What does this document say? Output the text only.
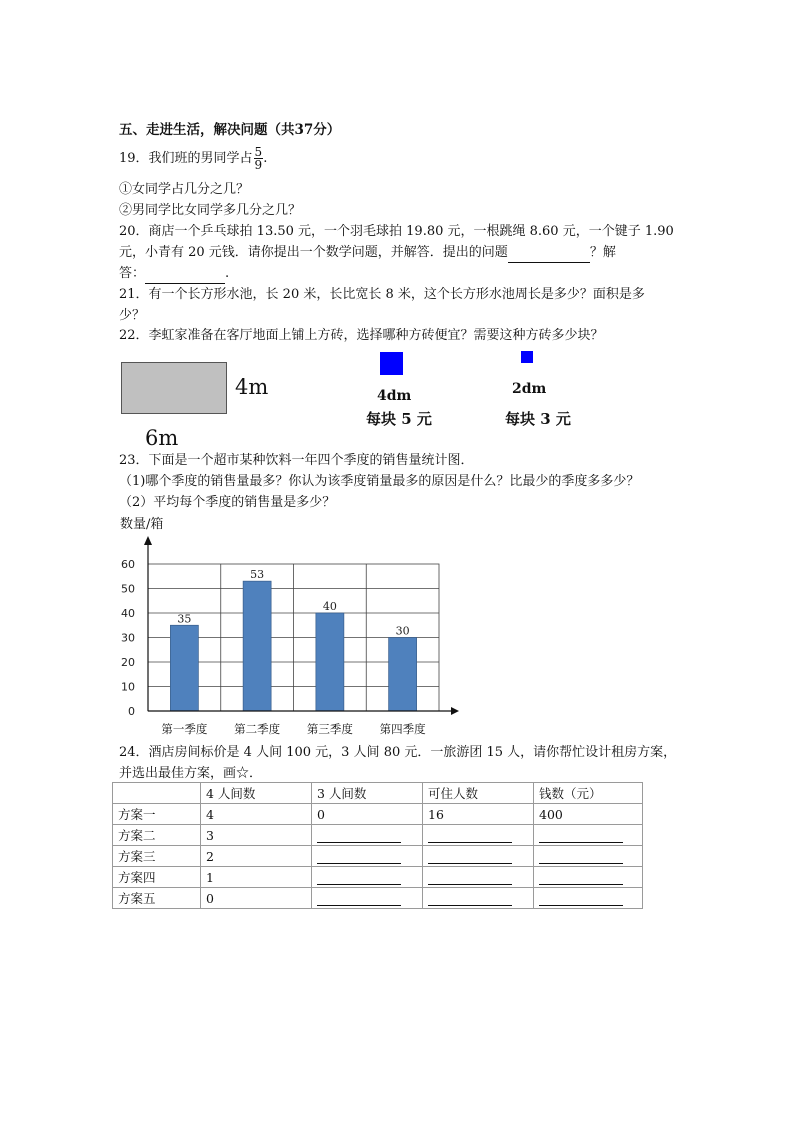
五、走进生活，解决问题（共37分）
19．我们班的男同学占 $\frac{5}{9}$ .
①女同学占几分之几？
②男同学比女同学多几分之几？
20．商店一个乒乓球拍 13.50 元，一个羽毛球拍 19.80 元，一根跳绳 8.60 元，一个键子 1.90
元，小青有 20 元钱．请你提出一个数学问题，并解答．提出的问题	？解
答：	.
21．有一个长方形水池，长 20 米，长比宽长 8 米，这个长方形水池周长是多少？面积是多
少？
22．李虹家准备在客厅地面上铺上方砖，选择哪种方砖便宜？需要这种方砖多少块？
4m
6m
4dm
每块 5 元
2dm
每块 3 元
23．下面是一个超市某种饮料一年四个季度的销售量统计图．
（1)哪个季度的销售量最多？你认为该季度销量最多的原因是什么？比最少的季度多多少？
（2）平均每个季度的销售量是多少？
0
10
20
30
40
50
60
35
第一季度
53
第二季度
40
第三季度
30
第四季度
24．酒店房间标价是 4 人间 100 元，3 人间 80 元．一旅游团 15 人，请你帮忙设计租房方案，
并选出最佳方案，画☆．
	4 人间数	3 人间数	可住人数	钱数（元）
方案一	4	0	16	400
方案二	3			
方案三	2			
方案四	1			
方案五	0			
数量/箱
